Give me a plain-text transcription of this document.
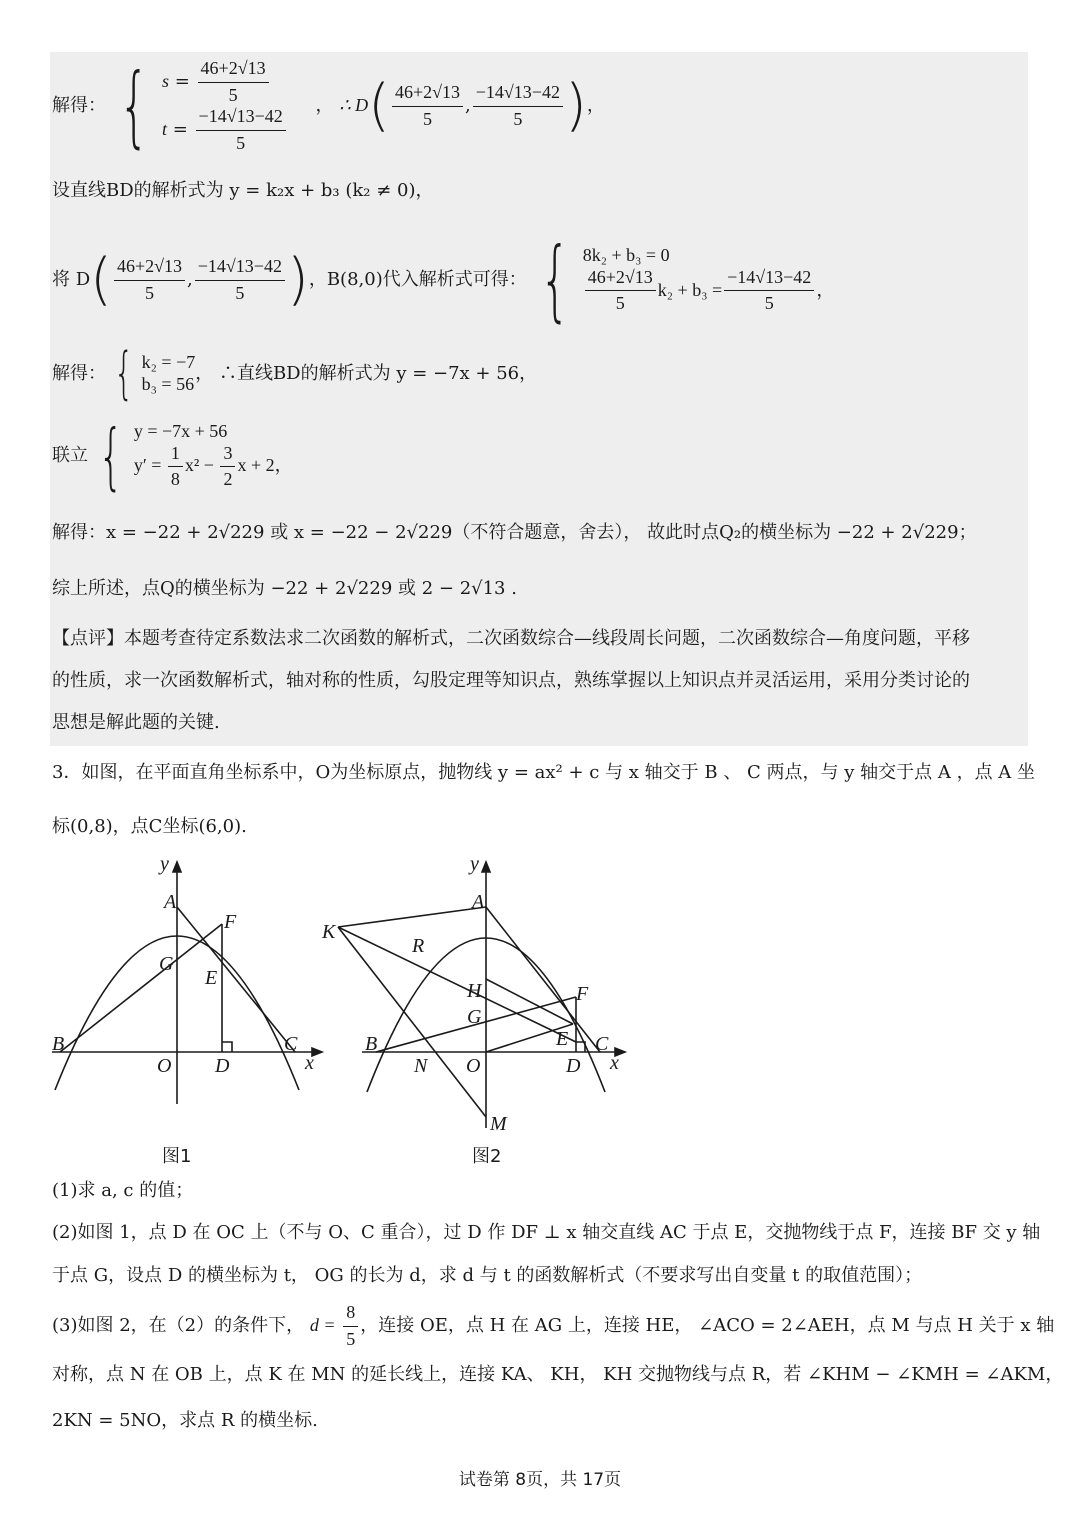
解得： { $s = \frac{46+2√13}{5}$
$t = \frac{-14√13-42}{5}$
， ∴ $D( \frac{46+2√13}{5}$ , $\frac{-14√13-42}{5}$ )，
设直线BD的解析式为 y = k₂x + b₃ (k₂ ≠ 0)，
将 $D( \frac{46+2√13}{5}$ , $\frac{-14√13-42}{5}$ )，B(8,0)代入解析式可得： { 8k₂ + b₃ = 0
$\frac{46+2√13}{5} k_2 + b_3 = \frac{-14√13-42}{5}$ ，
解得： { k₂ = −7
b₃ = 56 ， ∴直线BD的解析式为 y = −7x + 56，
联立 { y = −7x + 56
$y' = \frac{1}{8} x^2 - \frac{3}{2}$ x + 2，
解得：x = −22 + 2√229 或 x = −22 − 2√229（不符合题意，舍去）， 故此时点Q₂的横坐标为 −22 + 2√229；
综上所述，点Q的横坐标为 −22 + 2√229 或 2 − 2√13 .
【点评】本题考查待定系数法求二次函数的解析式，二次函数综合—线段周长问题，二次函数综合—角度问题，平移
的性质，求一次函数解析式，轴对称的性质，勾股定理等知识点，熟练掌握以上知识点并灵活运用，采用分类讨论的
思想是解此题的关键.
3．如图，在平面直角坐标系中，O为坐标原点，抛物线 y = ax² + c 与 x 轴交于 B 、 C 两点，与 y 轴交于点 A ，点 A 坐
标(0,8)，点C坐标(6,0).
y
x
A
B	C
D
E
F
G
O
图1
y
x
A
B	C
D
E
F
G
H
K
R
N
M
O
图2
(1)求 a, c 的值；
(2)如图 1，点 D 在 OC 上（不与 O、C 重合），过 D 作 DF ⊥ x 轴交直线 AC 于点 E，交抛物线于点 F，连接 BF 交 y 轴
于点 G，设点 D 的横坐标为 t， OG 的长为 d，求 d 与 t 的函数解析式（不要求写出自变量 t 的取值范围）；
(3)如图 2，在（2）的条件下， $d = \frac{8}{5}$ ，连接 OE，点 H 在 AG 上，连接 HE， ∠ACO = 2∠AEH，点 M 与点 H 关于 x 轴
对称，点 N 在 OB 上，点 K 在 MN 的延长线上，连接 KA、 KH， KH 交抛物线与点 R，若 ∠KHM − ∠KMH = ∠AKM，
2KN = 5NO，求点 R 的横坐标.
试卷第 8页，共 17页
